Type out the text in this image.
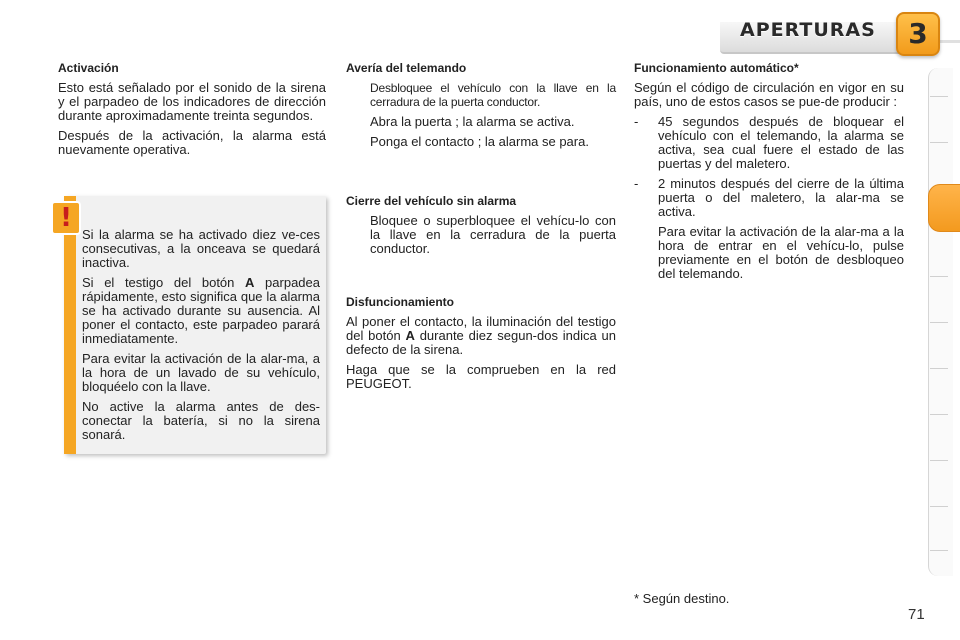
APERTURAS	3
Activación

Esto está señalado por el sonido de la sirena y el parpadeo de los indicadores de dirección durante aproximadamente treinta segundos.

Después de la activación, la alarma está nuevamente operativa.

!

Si la alarma se ha activado diez ve-ces consecutivas, a la onceava se quedará inactiva.

Si el testigo del botón A parpadea rápidamente, esto significa que la alarma se ha activado durante su ausencia. Al poner el contacto, este parpadeo parará inmediatamente.

Para evitar la activación de la alar-ma, a la hora de un lavado de su vehículo, bloquéelo con la llave.

No active la alarma antes de des-conectar la batería, si no la sirena sonará.

Avería del telemando
Desbloquee el vehículo con la llave en la cerradura de la puerta conductor.
Abra la puerta ; la alarma se activa.
Ponga el contacto ; la alarma se para.
Cierre del vehículo sin alarma
Bloquee o superbloquee el vehícu-lo con la llave en la cerradura de la puerta conductor.
Disfuncionamiento

Al poner el contacto, la iluminación del testigo del botón A durante diez segun-dos indica un defecto de la sirena.

Haga que se la comprueben en la red PEUGEOT.

Funcionamiento automático*

Según el código de circulación en vigor en su país, uno de estos casos se pue-de producir :

- 45 segundos después de bloquear el vehículo con el telemando, la alarma se activa, sea cual fuere el estado de las puertas y del maletero.
- 2 minutos después del cierre de la última puerta o del maletero, la alar-ma se activa.
Para evitar la activación de la alar-ma a la hora de entrar en el vehícu-lo, pulse previamente en el botón de desbloqueo del telemando.
* Según destino.
71
